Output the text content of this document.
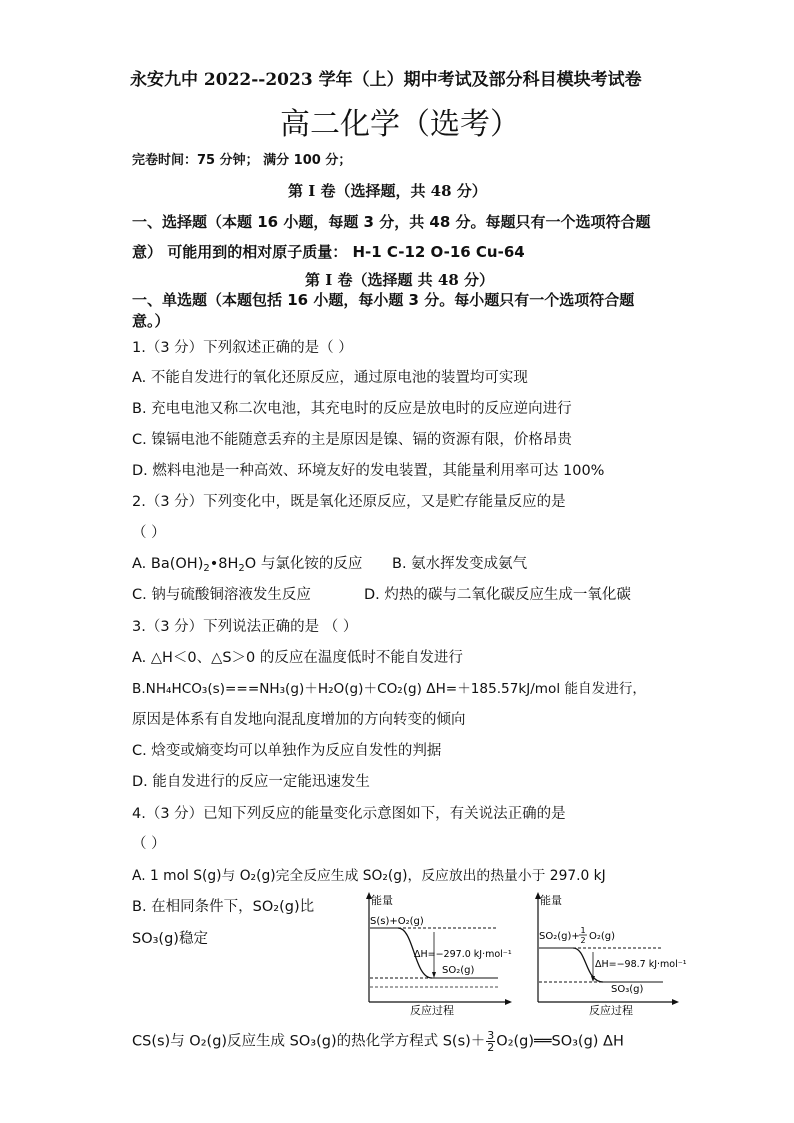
永安九中 2022--2023 学年（上）期中考试及部分科目模块考试卷
高二化学（选考）
完卷时间：75 分钟； 满分 100 分；
第 I 卷（选择题，共 48 分）
一、选择题（本题 16 小题，每题 3 分，共 48 分。每题只有一个选项符合题
意） 可能用到的相对原子质量： H-1 C-12 O-16 Cu-64
第 I 卷（选择题 共 48 分）
一、单选题（本题包括 16 小题，每小题 3 分。每小题只有一个选项符合题
意。）
1.（3 分）下列叙述正确的是（ ）
A. 不能自发进行的氧化还原反应，通过原电池的装置均可实现
B. 充电电池又称二次电池，其充电时的反应是放电时的反应逆向进行
C. 镍镉电池不能随意丢弃的主是原因是镍、镉的资源有限，价格昂贵
D. 燃料电池是一种高效、环境友好的发电装置，其能量利用率可达 100%
2.（3 分）下列变化中，既是氧化还原反应，又是贮存能量反应的是
（ ）
A. $Ba(OH)_2•8H_2O$ 与氯化铵的反应 B. 氨水挥发变成氨气
C. 钠与硫酸铜溶液发生反应	D. 灼热的碳与二氧化碳反应生成一氧化碳
3.（3 分）下列说法正确的是 （ ）
A. △H＜0、△S＞0 的反应在温度低时不能自发进行
B.NH₄HCO₃(s)===NH₃(g)＋H₂O(g)＋CO₂(g) ΔH=＋185.57kJ/mol 能自发进行，
原因是体系有自发地向混乱度增加的方向转变的倾向
C. 焓变或熵变均可以单独作为反应自发性的判据
D. 能自发进行的反应一定能迅速发生
4.（3 分）已知下列反应的能量变化示意图如下，有关说法正确的是
（ ）
A. 1 mol S(g)与 O₂(g)完全反应生成 SO₂(g)，反应放出的热量小于 297.0 kJ
B. 在相同条件下，SO₂(g)比
SO₃(g)稳定
CS(s)与 O₂(g)反应生成 SO₃(g)的热化学方程式 $S(s)+ \frac{3}{2}$ O₂(g)══SO₃(g) ΔH
能量
S(s)+O₂(g)
ΔH=−297.0 kJ·mol⁻¹
SO₂(g)
反应过程
能量
SO₂(g)+
1
2 O₂(g)
ΔH=−98.7 kJ·mol⁻¹
SO₃(g)
反应过程
